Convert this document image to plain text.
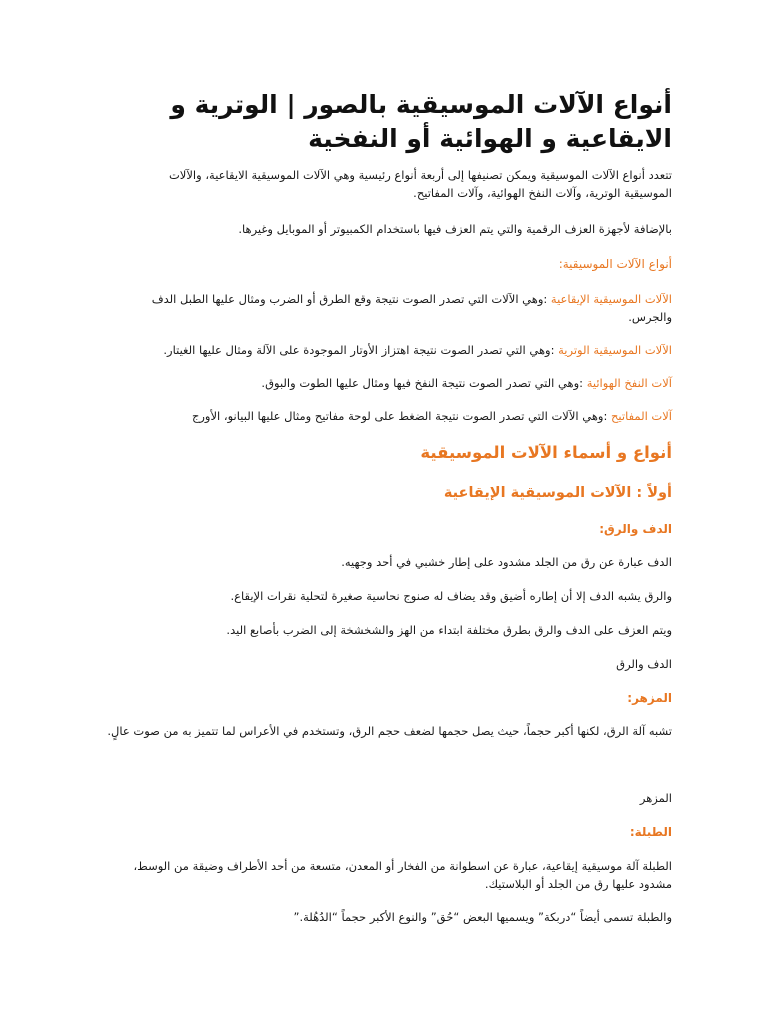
أنواع الآلات الموسيقية بالصور | الوترية و الايقاعية و الهوائية أو النفخية

تتعدد أنواع الآلات الموسيقية ويمكن تصنيفها إلى أربعة أنواع رئيسية وهي الآلات الموسيقية الايقاعية، والآلات الموسيقية الوترية، وآلات النفخ الهوائية، وآلات المفاتيح.

بالإضافة لأجهزة العزف الرقمية والتي يتم العزف فيها باستخدام الكمبيوتر أو الموبايل وغيرها.

أنواع الآلات الموسيقية:

الآلات الموسيقية الإيقاعية :وهي الآلات التي تصدر الصوت نتيجة وقع الطرق أو الضرب ومثال عليها الطبل الدف والجرس.

الآلات الموسيقية الوترية :وهي التي تصدر الصوت نتيجة اهتزاز الأوتار الموجودة على الآلة ومثال عليها الغيتار.

آلات النفخ الهوائية :وهي التي تصدر الصوت نتيجة النفخ فيها ومثال عليها الطوت والبوق.

آلات المفاتيح :وهي الآلات التي تصدر الصوت نتيجة الضغط على لوحة مفاتيح ومثال عليها البيانو، الأورج

أنواع و أسماء الآلات الموسيقية
أولاً : الآلات الموسيقية الإيقاعية

الدف والرق:

الدف عبارة عن رق من الجلد مشدود على إطار خشبي في أحد وجهيه.

والرق يشبه الدف إلا أن إطاره أضيق وقد يضاف له صنوج نحاسية صغيرة لتحلية نقرات الإيقاع.

ويتم العزف على الدف والرق بطرق مختلفة ابتداء من الهز والشخشخة إلى الضرب بأصابع اليد.

الدف والرق

المزهر:

تشبه آلة الرق، لكنها أكبر حجماً، حيث يصل حجمها لضعف حجم الرق، وتستخدم في الأعراس لما تتميز به من صوت عالٍ.

المزهر

الطبلة:

الطبلة آلة موسيقية إيقاعية، عبارة عن اسطوانة من الفخار أو المعدن، متسعة من أحد الأطراف وضيقة من الوسط، مشدود عليها رق من الجلد أو البلاستيك.

والطبلة تسمى أيضاً “دربكة” ويسميها البعض “حُق” والنوع الأكبر حجماً “الدُهُلة.”
